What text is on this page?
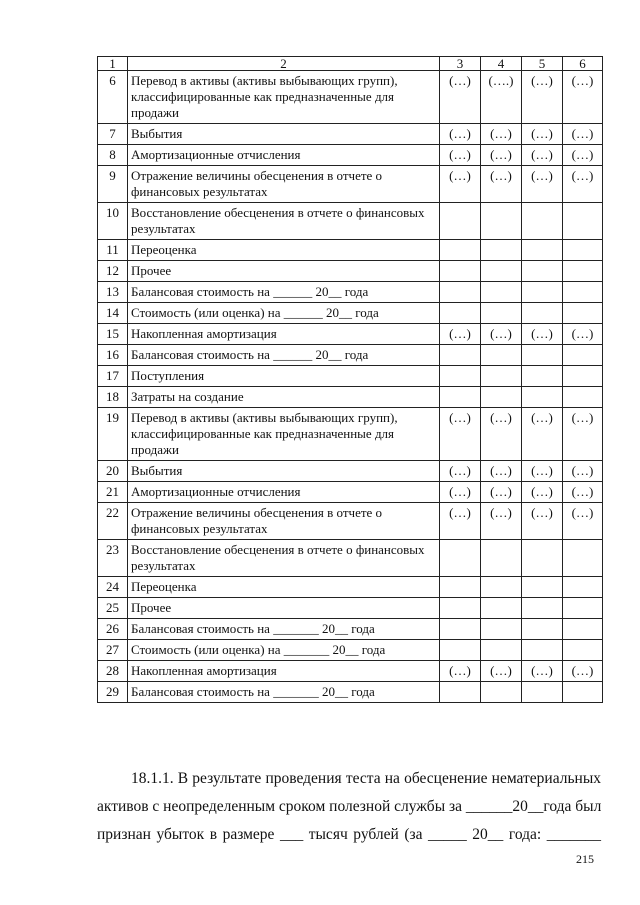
1	2	3	4	5	6
6	Перевод в активы (активы выбывающих групп), классифицированные как предназначенные для продажи	(…)	(….)	(…)	(…)
7	Выбытия	(…)	(…)	(…)	(…)
8	Амортизационные отчисления	(…)	(…)	(…)	(…)
9	Отражение величины обесценения в отчете о финансовых результатах	(…)	(…)	(…)	(…)
10	Восстановление обесценения в отчете о финансовых результатах				
11	Переоценка				
12	Прочее				
13	Балансовая стоимость на ______ 20__ года				
14	Стоимость (или оценка) на ______ 20__ года				
15	Накопленная амортизация	(…)	(…)	(…)	(…)
16	Балансовая стоимость на ______ 20__ года				
17	Поступления				
18	Затраты на создание				
19	Перевод в активы (активы выбывающих групп), классифицированные как предназначенные для продажи	(…)	(…)	(…)	(…)
20	Выбытия	(…)	(…)	(…)	(…)
21	Амортизационные отчисления	(…)	(…)	(…)	(…)
22	Отражение величины обесценения в отчете о финансовых результатах	(…)	(…)	(…)	(…)
23	Восстановление обесценения в отчете о финансовых результатах				
24	Переоценка				
25	Прочее				
26	Балансовая стоимость на _______ 20__ года				
27	Стоимость (или оценка) на _______ 20__ года				
28	Накопленная амортизация	(…)	(…)	(…)	(…)
29	Балансовая стоимость на _______ 20__ года				
18.1.1. В результате проведения теста на обесценение нематериальных
активов с неопределенным сроком полезной службы за ______20__года был
признан убыток в размере ___ тысяч рублей (за _____ 20__ года: _______
215
